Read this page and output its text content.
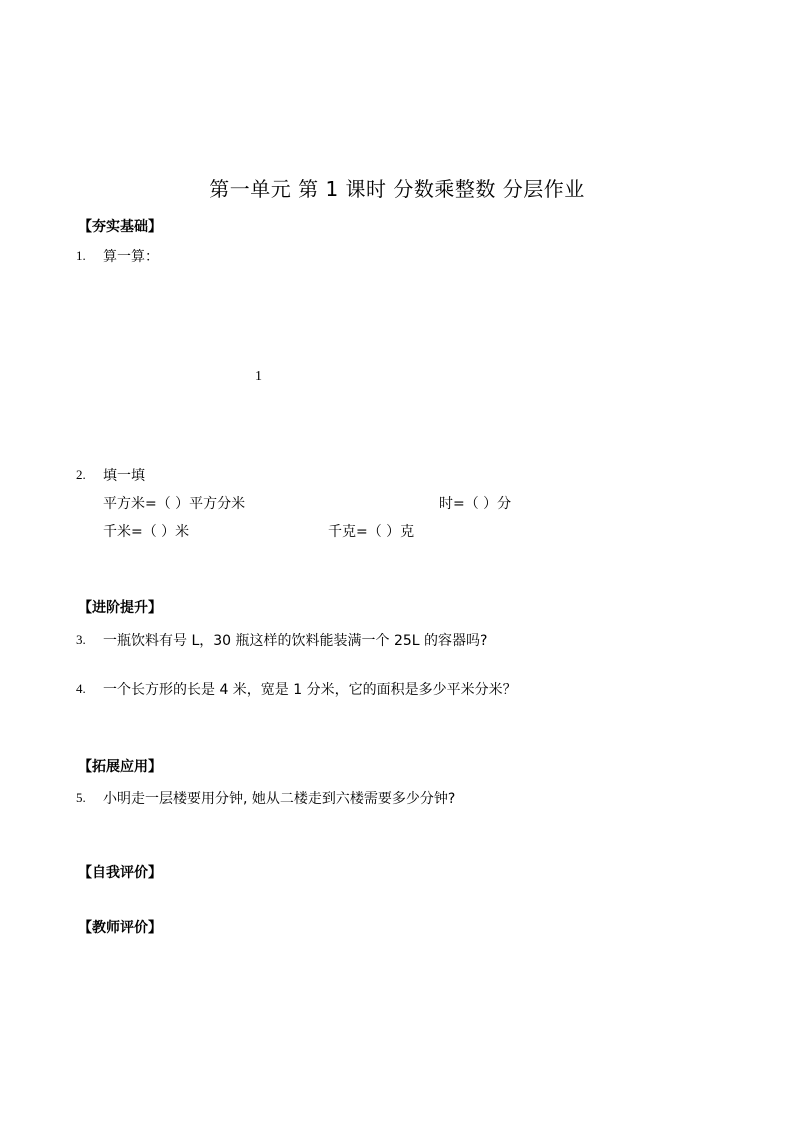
第一单元 第 1 课时 分数乘整数 分层作业
【夯实基础】
1. 算一算：
1
2. 填一填
平方米=（ ）平方分米	时=（ ）分
千米=（ ）米	千克=（ ）克
【进阶提升】
3. 一瓶饮料有号 L，30 瓶这样的饮料能装满一个 25L 的容器吗?
4. 一个长方形的长是 4 米，宽是 1 分米，它的面积是多少平米分米？
【拓展应用】
5. 小明走一层楼要用分钟, 她从二楼走到六楼需要多少分钟?
【自我评价】
【教师评价】
